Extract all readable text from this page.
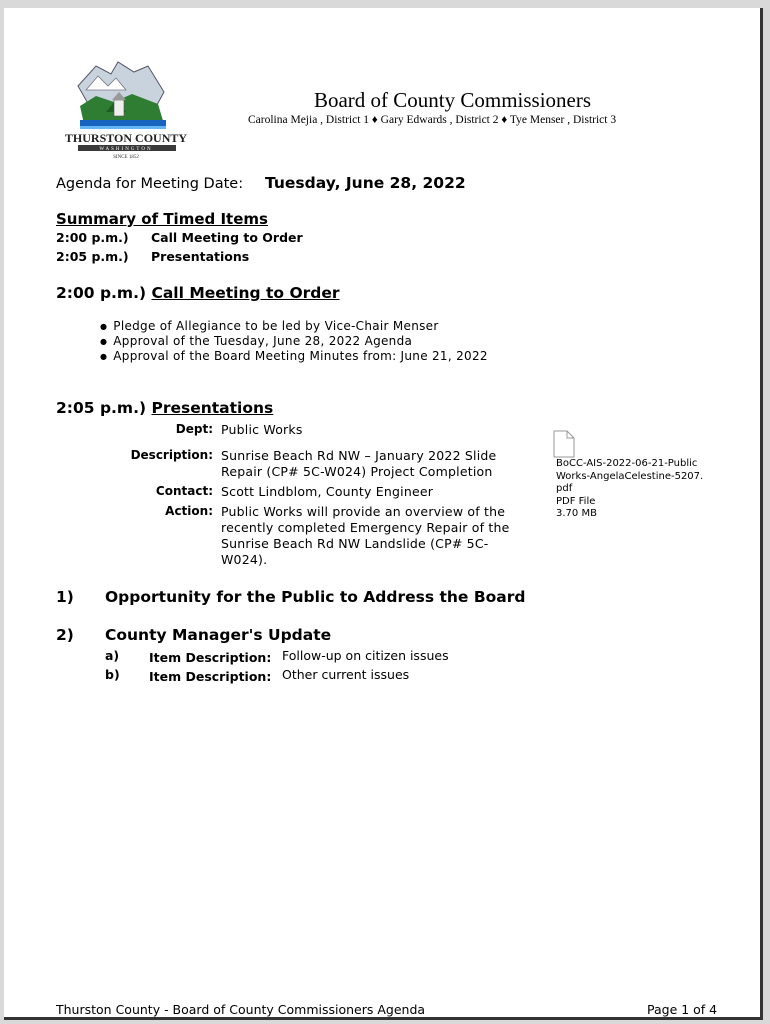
THURSTON COUNTY
WASHINGTON
SINCE 1852
Board of County Commissioners
Carolina Mejia , District 1 ♦ Gary Edwards , District 2 ♦ Tye Menser , District 3
Agenda for Meeting Date: Tuesday, June 28, 2022
Summary of Timed Items
2:00 p.m.) Call Meeting to Order
2:05 p.m.) Presentations
2:00 p.m.) Call Meeting to Order
● Pledge of Allegiance to be led by Vice-Chair Menser
● Approval of the Tuesday, June 28, 2022 Agenda
● Approval of the Board Meeting Minutes from: June 21, 2022
2:05 p.m.) Presentations
Dept: Public Works
Description: Sunrise Beach Rd NW – January 2022 Slide Repair (CP# 5C-W024) Project Completion
Contact: Scott Lindblom, County Engineer
Action: Public Works will provide an overview of the recently completed Emergency Repair of the Sunrise Beach Rd NW Landslide (CP# 5C-W024).
BoCC-AIS-2022-06-21-PublicWorks-AngelaCelestine-5207.pdf
PDF File
3.70 MB
1) Opportunity for the Public to Address the Board
2) County Manager's Update
a) Item Description: Follow-up on citizen issues
b) Item Description: Other current issues
Thurston County - Board of County Commissioners Agenda	Page 1 of 4
